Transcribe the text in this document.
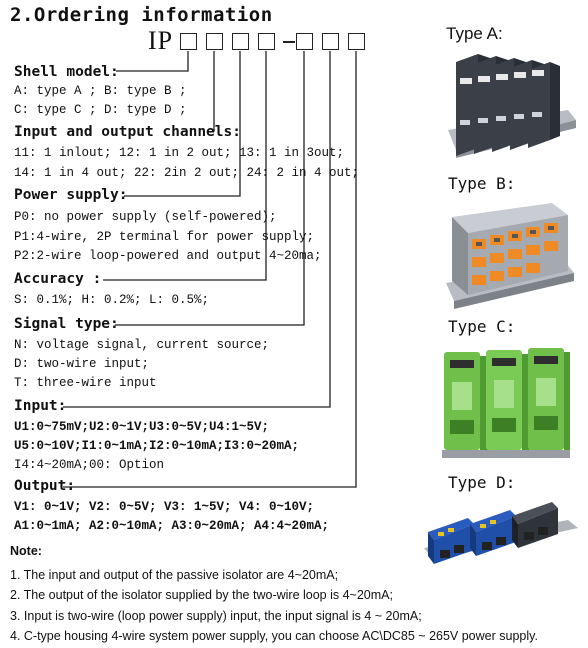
2.Ordering information
IP
Shell model:
A: type A ; B: type B ;
C: type C ; D: type D ;
Input and output channels:
11: 1 inlout; 12: 1 in 2 out; 13: 1 in 3out;
14: 1 in 4 out; 22: 2in 2 out; 24: 2 in 4 out;
Power supply:
P0: no power supply (self-powered);
P1:4-wire, 2P terminal for power supply;
P2:2-wire loop-powered and output 4~20ma;
Accuracy :
S: 0.1%; H: 0.2%; L: 0.5%;
Signal type:
N: voltage signal, current source;
D: two-wire input;
T: three-wire input
Input:
U1:0~75mV;U2:0~1V;U3:0~5V;U4:1~5V;
U5:0~10V;I1:0~1mA;I2:0~10mA;I3:0~20mA;
I4:4~20mA;00: Option
Output:
V1: 0~1V; V2: 0~5V; V3: 1~5V; V4: 0~10V;
A1:0~1mA; A2:0~10mA; A3:0~20mA; A4:4~20mA;
Note:
1. The input and output of the passive isolator are 4~20mA;
2. The output of the isolator supplied by the two-wire loop is 4~20mA;
3. Input is two-wire (loop power supply) input, the input signal is 4 ~ 20mA;
4. C-type housing 4-wire system power supply, you can choose AC\DC85 ~ 265V power supply.
Type A:
Type B:
Type C:
Type D:
